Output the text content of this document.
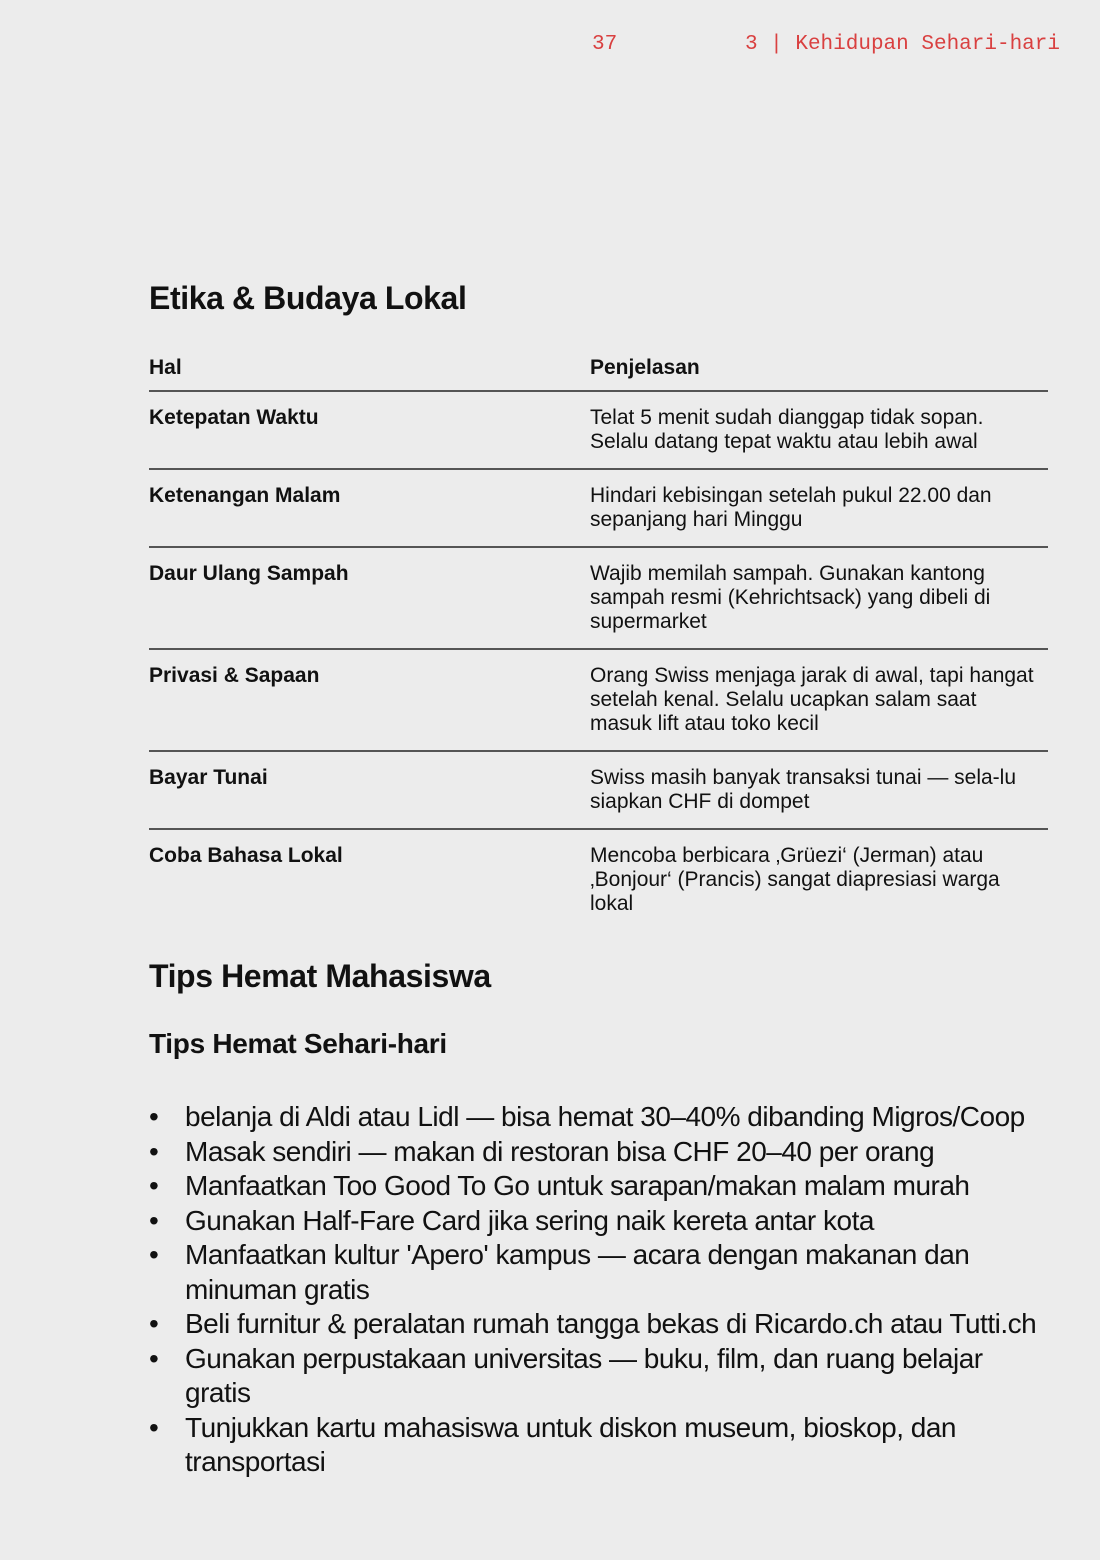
37	3 | Kehidupan Sehari-hari
Etika & Budaya Lokal
Hal	Penjelasan
Ketepatan Waktu	Telat 5 menit sudah dianggap tidak sopan. Selalu datang tepat waktu atau lebih awal
Ketenangan Malam	Hindari kebisingan setelah pukul 22.00 dan sepanjang hari Minggu
Daur Ulang Sampah	Wajib memilah sampah. Gunakan kantong sampah resmi (Kehrichtsack) yang dibeli di supermarket
Privasi & Sapaan	Orang Swiss menjaga jarak di awal, tapi hangat setelah kenal. Selalu ucapkan salam saat masuk lift atau toko kecil
Bayar Tunai	Swiss masih banyak transaksi tunai — sela-lu siapkan CHF di dompet
Coba Bahasa Lokal	Mencoba berbicara ‚Grüezi‘ (Jerman) atau ‚Bonjour‘ (Prancis) sangat diapresiasi warga lokal
Tips Hemat Mahasiswa
Tips Hemat Sehari-hari
• belanja di Aldi atau Lidl — bisa hemat 30–40% dibanding Migros/Coop
• Masak sendiri — makan di restoran bisa CHF 20–40 per orang
• Manfaatkan Too Good To Go untuk sarapan/makan malam murah
• Gunakan Half-Fare Card jika sering naik kereta antar kota
• Manfaatkan kultur 'Apero' kampus — acara dengan makanan dan minuman gratis
• Beli furnitur & peralatan rumah tangga bekas di Ricardo.ch atau Tutti.ch
• Gunakan perpustakaan universitas — buku, film, dan ruang belajar gratis
• Tunjukkan kartu mahasiswa untuk diskon museum, bioskop, dan transportasi
